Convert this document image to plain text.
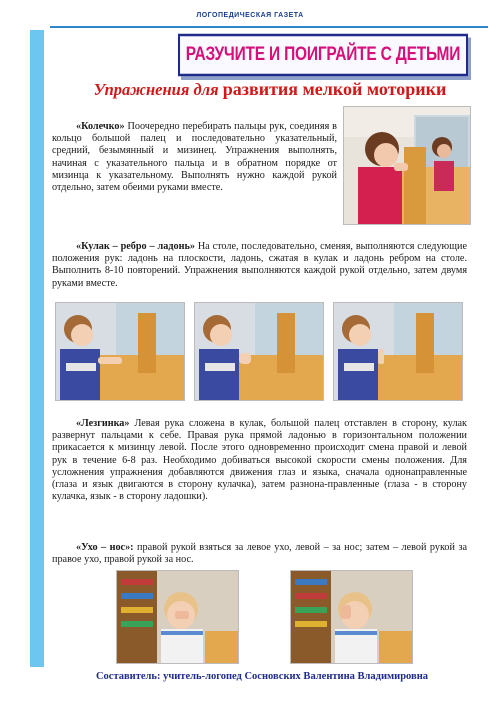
ЛОГОПЕДИЧЕСКАЯ ГАЗЕТА
РАЗУЧИТЕ И ПОИГРАЙТЕ С ДЕТЬМИ
Упражнения для развития мелкой моторики
«Колечко» Поочередно перебирать пальцы рук, соединяя в кольцо большой палец и последовательно указательный, средний, безымянный и мизинец. Упражнения выполнять, начиная с указательного пальца и в обратном порядке от мизинца к указательному. Выполнять нужно каждой рукой отдельно, затем обеими руками вместе.
«Кулак – ребро – ладонь» На столе, последовательно, сменяя, выполняются следующие положения рук: ладонь на плоскости, ладонь, сжатая в кулак и ладонь ребром на столе. Выполнить 8-10 повторений. Упражнения выполняются каждой рукой отдельно, затем двумя руками вместе.
«Лезгинка» Левая рука сложена в кулак, большой палец отставлен в сторону, кулак развернут пальцами к себе. Правая рука прямой ладонью в горизонтальном положении прикасается к мизинцу левой. После этого одновременно происходит смена правой и левой рук в течение 6-8 раз. Необходимо добиваться высокой скорости смены положения. Для усложнения упражнения добавляются движения глаз и языка, сначала однонаправленные (глаза и язык двигаются в сторону кулачка), затем разнона-правленные (глаза - в сторону кулачка, язык - в сторону ладошки).
«Ухо – нос»: правой рукой взяться за левое ухо, левой – за нос; затем – левой рукой за правое ухо, правой рукой за нос.
Составитель: учитель-логопед Сосновских Валентина Владимировна
